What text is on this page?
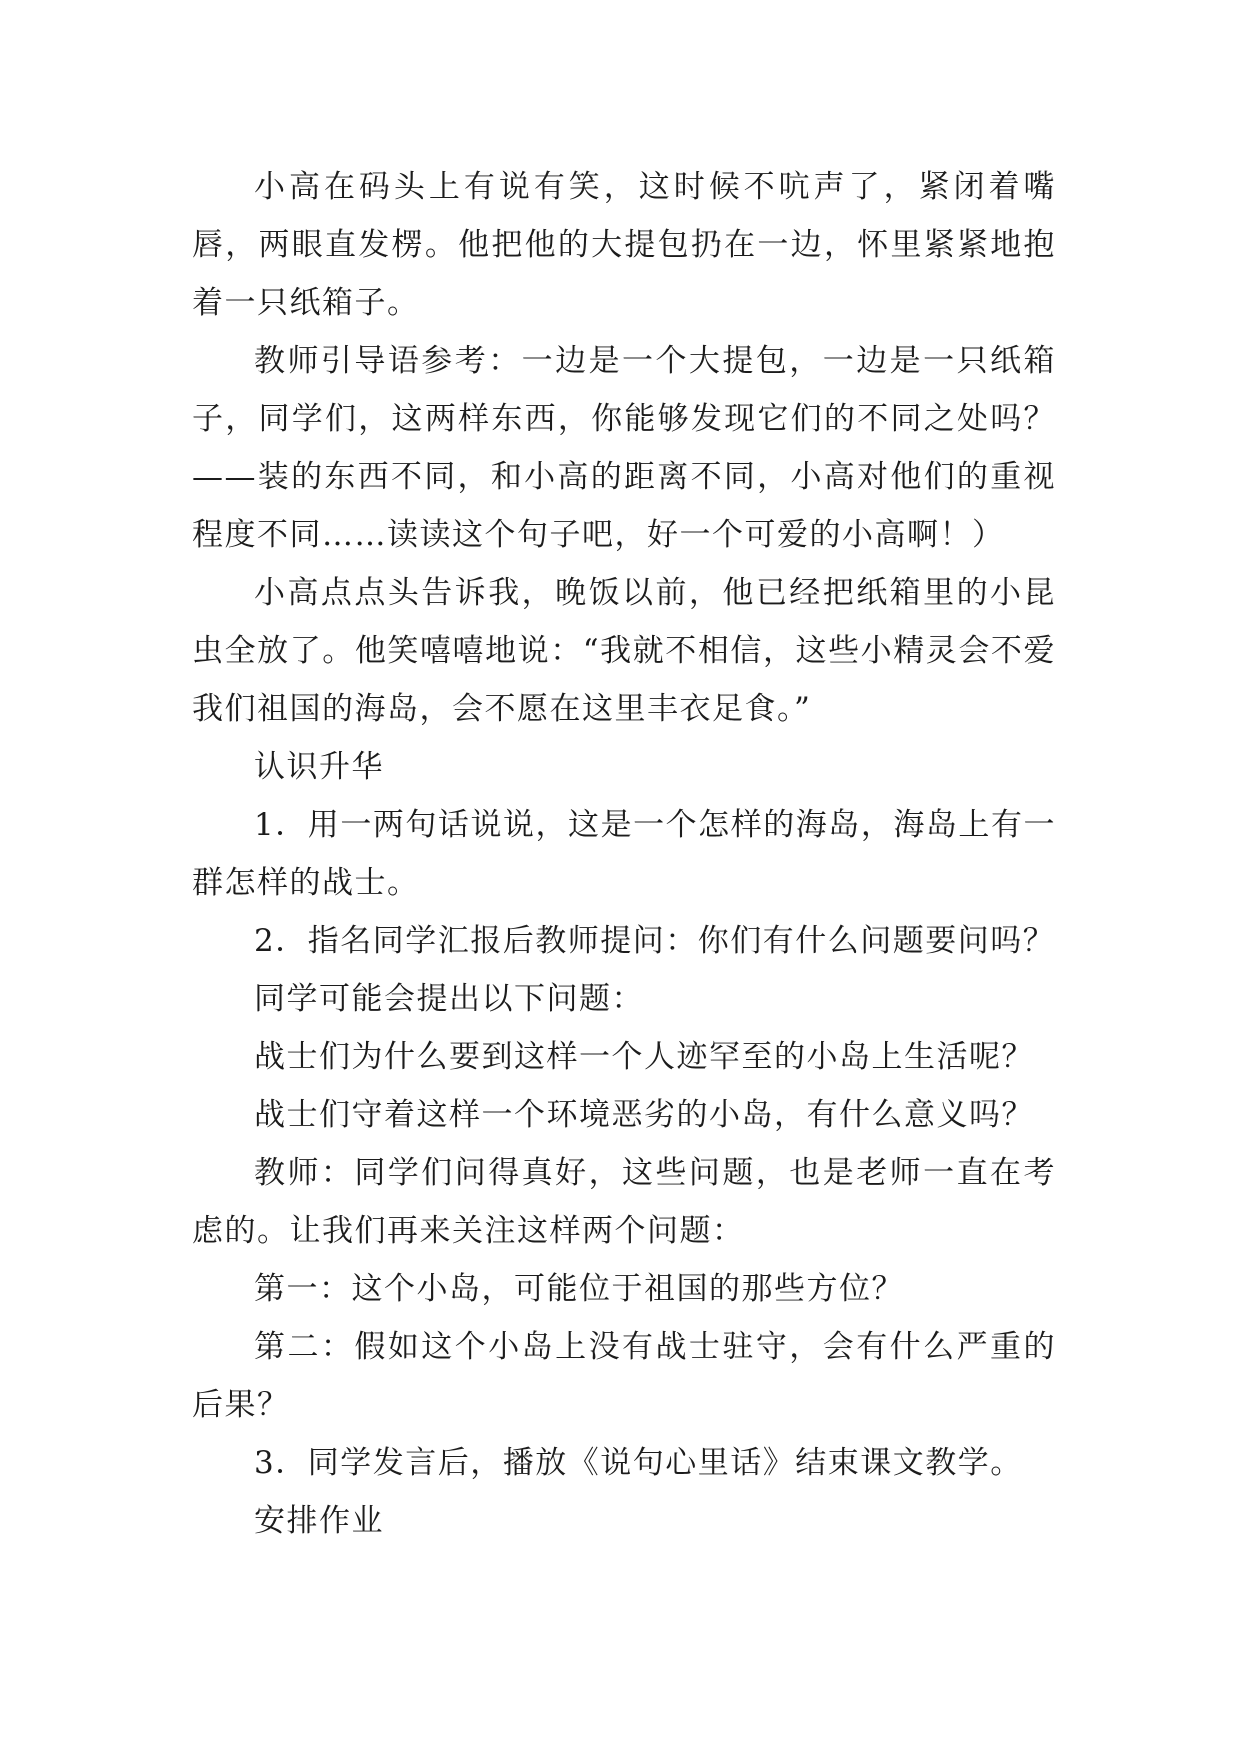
小高在码头上有说有笑，这时候不吭声了，紧闭着嘴唇，两眼直发楞。他把他的大提包扔在一边，怀里紧紧地抱着一只纸箱子。

教师引导语参考：一边是一个大提包，一边是一只纸箱子，同学们，这两样东西，你能够发现它们的不同之处吗？——装的东西不同，和小高的距离不同，小高对他们的重视程度不同……读读这个句子吧，好一个可爱的小高啊！）

小高点点头告诉我，晚饭以前，他已经把纸箱里的小昆虫全放了。他笑嘻嘻地说：“我就不相信，这些小精灵会不爱我们祖国的海岛，会不愿在这里丰衣足食。”

认识升华

1．用一两句话说说，这是一个怎样的海岛，海岛上有一群怎样的战士。

2．指名同学汇报后教师提问：你们有什么问题要问吗？

同学可能会提出以下问题：

战士们为什么要到这样一个人迹罕至的小岛上生活呢？

战士们守着这样一个环境恶劣的小岛，有什么意义吗？

教师：同学们问得真好，这些问题，也是老师一直在考虑的。让我们再来关注这样两个问题：

第一：这个小岛，可能位于祖国的那些方位？

第二：假如这个小岛上没有战士驻守，会有什么严重的后果？

3．同学发言后，播放《说句心里话》结束课文教学。

安排作业
